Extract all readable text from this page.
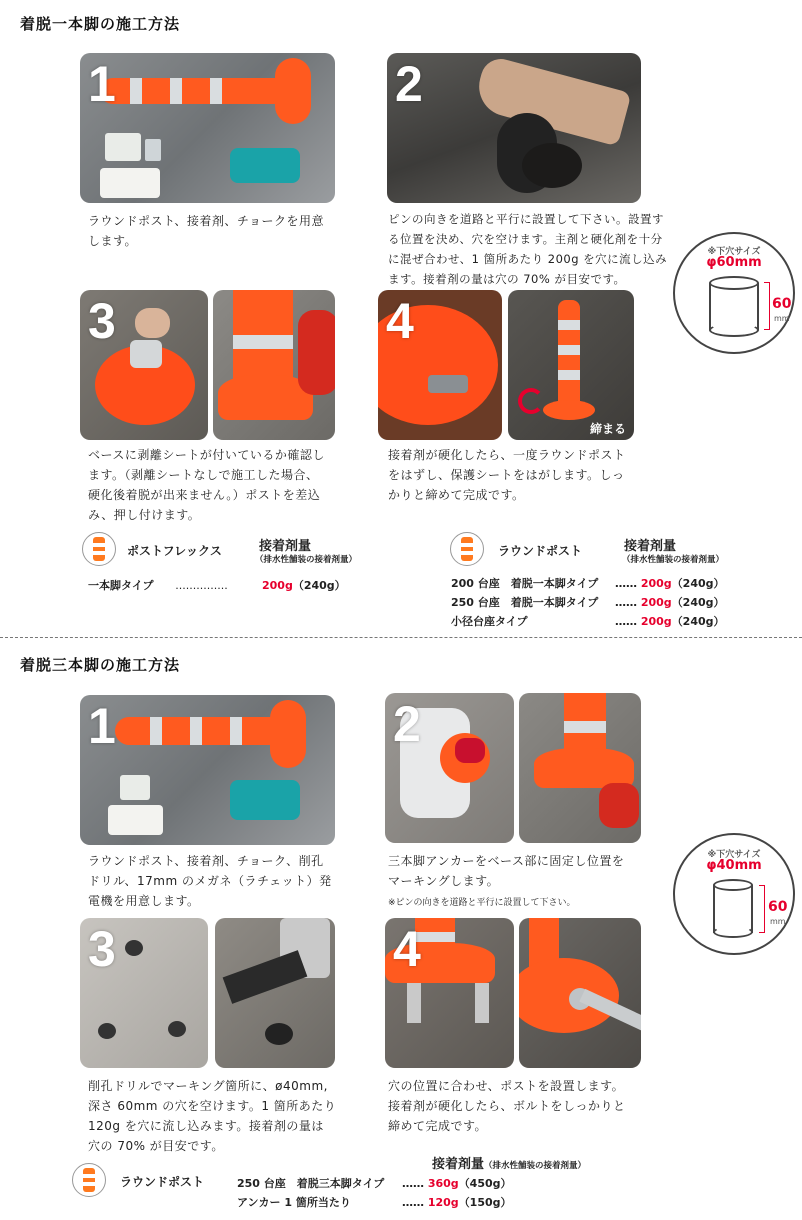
着脱一本脚の施工方法
1
ラウンドポスト、接着剤、チョークを用意
します。
2
ピンの向きを道路と平行に設置して下さい。設置す
る位置を決め、穴を空けます。主剤と硬化剤を十分
に混ぜ合わせ、1 箇所あたり 200g を穴に流し込み
ます。接着剤の量は穴の 70% が目安です。
※下穴サイズ
φ60mm
60
mm
3
ベースに剥離シートが付いているか確認し
ます。（剥離シートなしで施工した場合、
硬化後着脱が出来ません。）ポストを差込
み、押し付けます。
4
締まる
接着剤が硬化したら、一度ラウンドポスト
をはずし、保護シートをはがします。しっ
かりと締めて完成です。
ポストフレックス	接着剤量
（排水性舗装の接着剤量）
一本脚タイプ ...............	200g（240g）
ラウンドポスト	接着剤量
（排水性舗装の接着剤量）
200 台座　着脱一本脚タイプ …… 200g（240g）
250 台座　着脱一本脚タイプ …… 200g（240g）
小径台座タイプ	…… 200g（240g）
着脱三本脚の施工方法
1
ラウンドポスト、接着剤、チョーク、削孔
ドリル、17mm のメガネ（ラチェット）発
電機を用意します。
2
三本脚アンカーをベース部に固定し位置を
マーキングします。
※ピンの向きを道路と平行に設置して下さい。
※下穴サイズ
φ40mm
60
mm
3
削孔ドリルでマーキング箇所に、ø40mm,
深さ 60mm の穴を空けます。1 箇所あたり
120g を穴に流し込みます。接着剤の量は
穴の 70% が目安です。
4
穴の位置に合わせ、ポストを設置します。
接着剤が硬化したら、ボルトをしっかりと
締めて完成です。
ラウンドポスト
接着剤量（排水性舗装の接着剤量）
250 台座　着脱三本脚タイプ …… 360g（450g）
アンカー 1 箇所当たり	…… 120g（150g）
